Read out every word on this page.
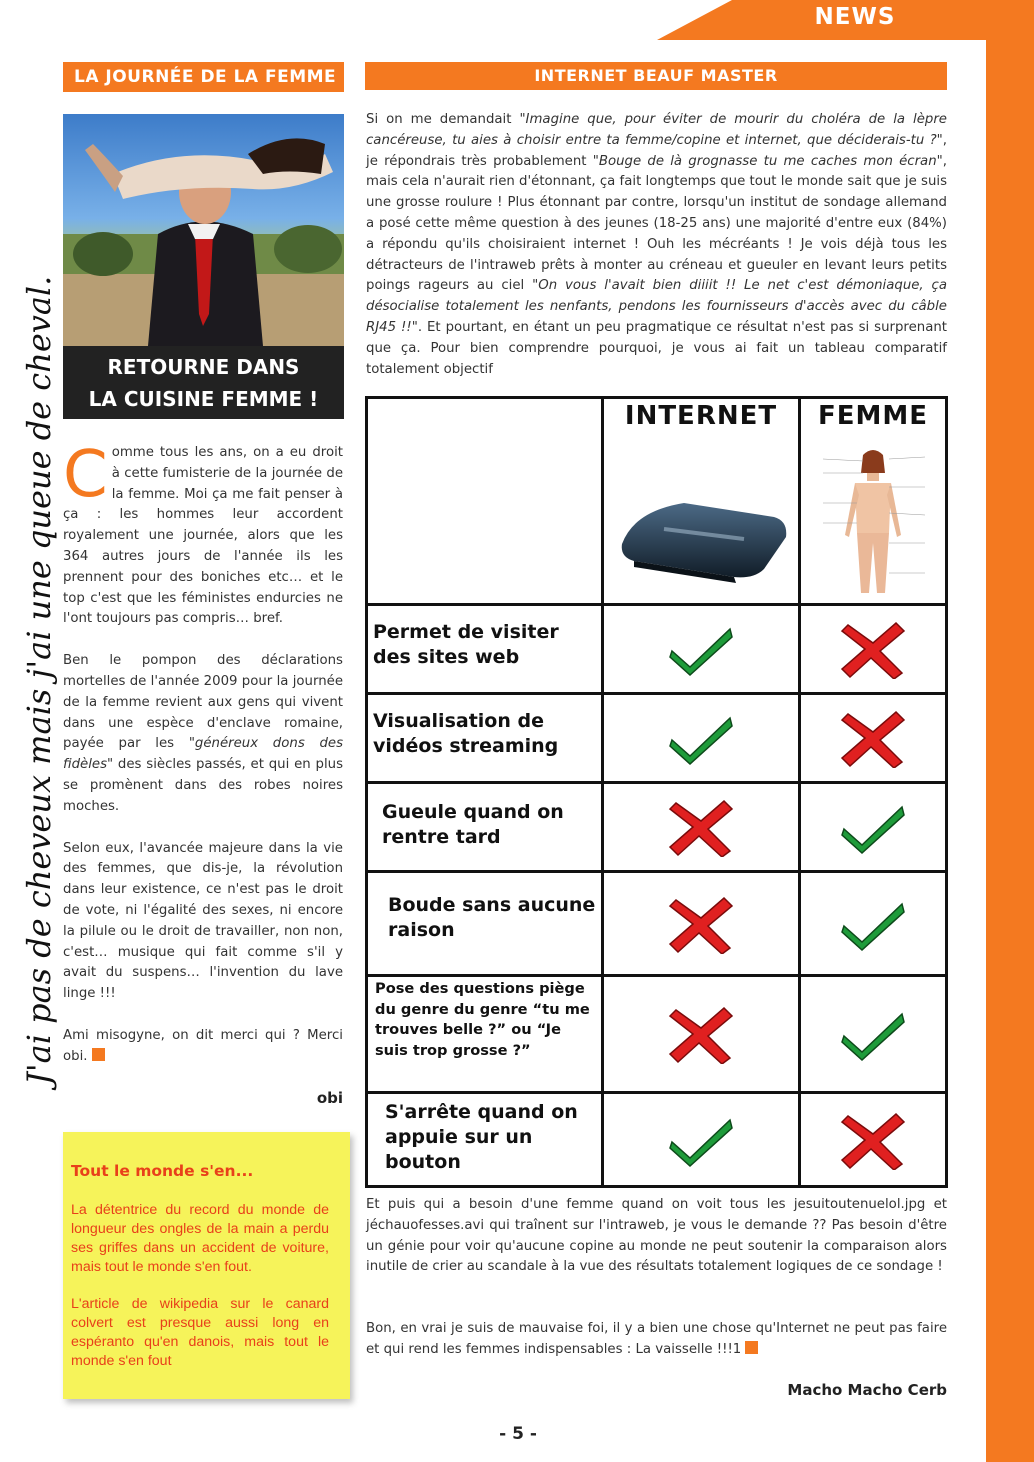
NEWS
J'ai pas de cheveux mais j'ai une queue de cheval.
LA JOURNÉE DE LA FEMME
RETOURNE DANS
LA CUISINE FEMME !

Comme tous les ans, on a eu droit à cette fumisterie de la journée de la femme. Moi ça me fait penser à ça : les hommes leur accordent royalement une journée, alors que les 364 autres jours de l'année ils les prennent pour des boniches etc… et le top c'est que les féministes endurcies ne l'ont toujours pas compris… bref.

Ben le pompon des déclarations mortelles de l'année 2009 pour la journée de la femme revient aux gens qui vivent dans une espèce d'enclave romaine, payée par les "généreux dons des fidèles" des siècles passés, et qui en plus se promènent dans des robes noires moches.

Selon eux, l'avancée majeure dans la vie des femmes, que dis-je, la révolution dans leur existence, ce n'est pas le droit de vote, ni l'égalité des sexes, ni encore la pilule ou le droit de travailler, non non, c'est… musique qui fait comme s'il y avait du suspens… l'invention du lave linge !!!

Ami misogyne, on dit merci qui ? Merci obi.

obi
Tout le monde s'en...

La détentrice du record du monde de longueur des ongles de la main a perdu ses griffes dans un accident de voiture, mais tout le monde s'en fout.

L'article de wikipedia sur le canard colvert est presque aussi long en espéranto qu'en danois, mais tout le monde s'en fout

INTERNET BEAUF MASTER

Si on me demandait "Imagine que, pour éviter de mourir du choléra de la lèpre cancéreuse, tu aies à choisir entre ta femme/copine et internet, que déciderais-tu ?", je répondrais très probablement "Bouge de là grognasse tu me caches mon écran", mais cela n'aurait rien d'étonnant, ça fait longtemps que tout le monde sait que je suis une grosse roulure ! Plus étonnant par contre, lorsqu'un institut de sondage allemand a posé cette même question à des jeunes (18-25 ans) une majorité d'entre eux (84%) a répondu qu'ils choisiraient internet ! Ouh les mécréants ! Je vois déjà tous les détracteurs de l'intraweb prêts à monter au créneau et gueuler en levant leurs petits poings rageurs au ciel "On vous l'avait bien diiiit !! Le net c'est démoniaque, ça désocialise totalement les nenfants, pendons les fournisseurs d'accès avec du câble RJ45 !!". Et pourtant, en étant un peu pragmatique ce résultat n'est pas si surprenant que ça. Pour bien comprendre pourquoi, je vous ai fait un tableau comparatif totalement objectif

INTERNET	FEMME
Permet de visiter des sites web
Visualisation de vidéos streaming
Gueule quand on rentre tard
Boude sans aucune raison
Pose des questions piège du genre du genre “tu me trouves belle ?” ou “Je suis trop grosse ?”
S'arrête quand on appuie sur un bouton

Et puis qui a besoin d'une femme quand on voit tous les jesuitoutenuelol.jpg et jéchauofesses.avi qui traînent sur l'intraweb, je vous le demande ?? Pas besoin d'être un génie pour voir qu'aucune copine au monde ne peut soutenir la comparaison alors inutile de crier au scandale à la vue des résultats totalement logiques de ce sondage !

Bon, en vrai je suis de mauvaise foi, il y a bien une chose qu'Internet ne peut pas faire et qui rend les femmes indispensables : La vaisselle !!!1

Macho Macho Cerb
- 5 -
